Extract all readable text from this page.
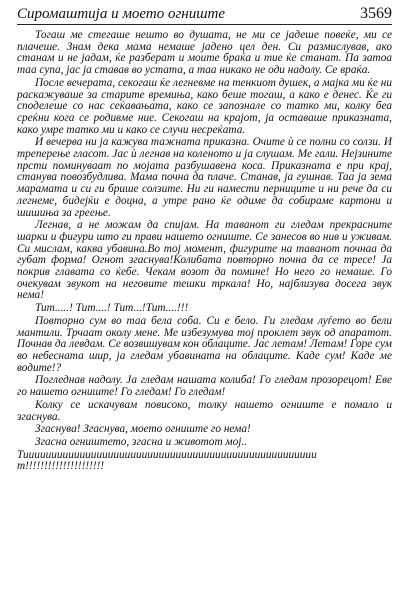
Сиромаштија и моето огниште	3569

Тогаш ме стегаше нешто во душата, не ми се јадеше повеќе, ми се плачеше. Знам дека мама немаше јадено цел ден. Си размислував, ако станам и не јадам, ќе разберат и моите браќа и тие ќе станат. Па затоа таа супа, јас ја ставав во устата, а таа никако не оди надолу. Се враќа.

После вечерата, секогаш ќе легневме на тенкиот душек, а мајка ми ќе ни раскажуваше за старите времиња, како беше тогаш, а како е денес. Ќе ги споделеше со нас сеќавањата, како се запознале со татко ми, колку беа среќни кога се родивме ние. Секогаш на крајот, ја оставаше приказната, како умре татко ми и како се случи несреќата.

И вечерва ни ја кажува тажната приказна. Очите ѝ се полни со солзи. И треперење гласот. Јас ѝ легнав на коленото и ја слушам. Ме гали. Нејзините прсти поминуваат по мојата разбушавена коса. Приказната е при крај, станува повозбудлива. Мама почна да плаче. Станав, ја гушнав. Таа ја зема марамата и си ги брише солзите. Ни ги намести перниците и ни рече да си легнеме, бидејќи е доцна, а утре рано ќе одиме да собираме картони и шишиња за греење.

Легнав, а не можам да спијам. На таванот ги гледам прекрасните шарки и фигури што ги прави нашето огниште. Се занесов во нив и уживам. Си мислам, каква убавина.Во тој момент, фигурите на таванот почнаа да губат форма! Огнот згаснува!Колибата повторно почна да се тресе! Ја покрив главата со ќебе. Чекам возот да помине! Но него го немаше. Го очекувам звукот на неговите тешки тркала! Но, најблизува досега звук нема!

Тит.....! Тит....! Тит...!Тит....!!!

Повторно сум во таа бела соба. Си е бело. Ги гледам луѓето во бели мантили. Трчаат околу мене. Ме избезумува тој проклет звук од апаратот. Почнав да левдам. Се возвишувам кон облаците. Јас летам! Летам! Горе сум во небесната шир, ја гледам убавината на облаците. Каде сум! Каде ме водите!?

Погледнав надолу. Ја гледам нашата колиба! Го гледам прозорецот! Еве го нашето огниште! Го гледам! Го гледам!

Колку се искачувам повисоко, толку нашето огниште е помало и згаснува.

Згаснува! Згаснува, моето огниште го нема!

Згасна огништето, згасна и животот мој..

Тиииииииииииииииииииииииииииииииииииииииииииииииииииит!!!!!!!!!!!!!!!!!!!!!
